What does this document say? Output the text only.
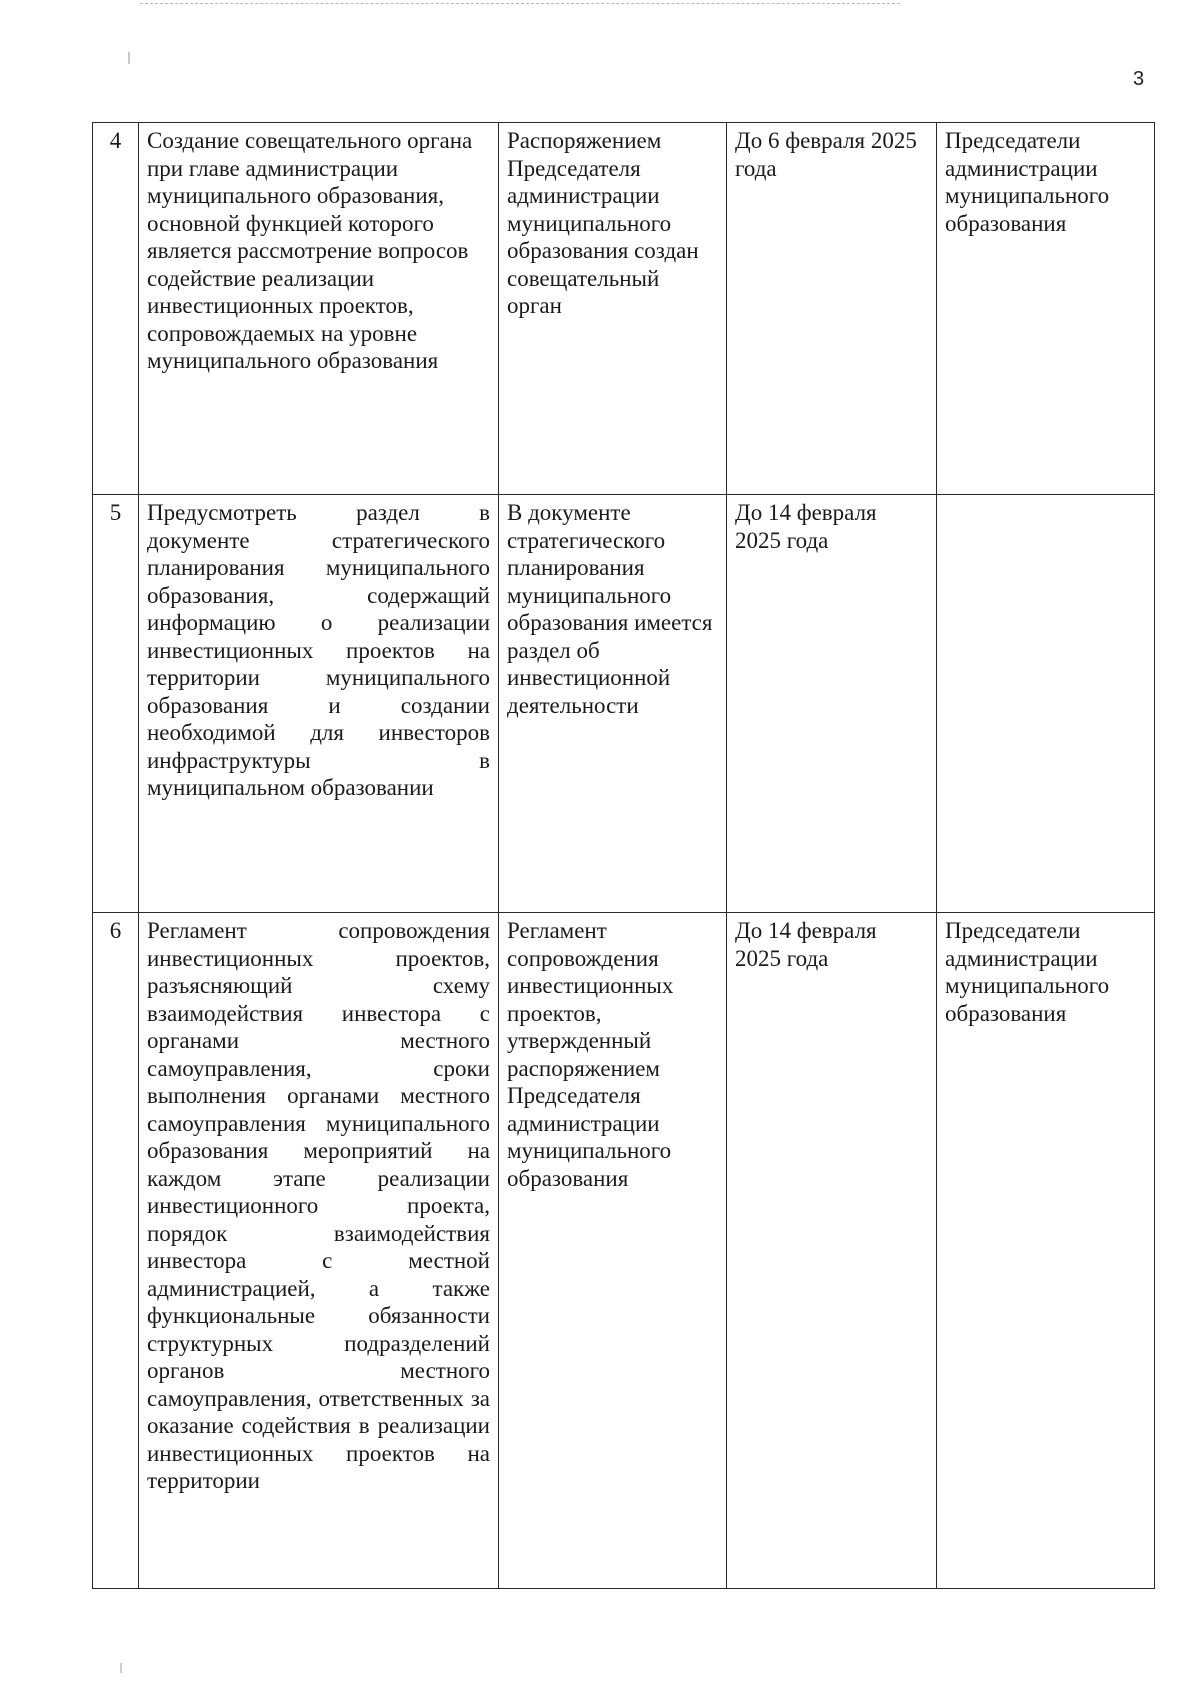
3
4	Создание совещательного органа при главе администрации муниципального образования, основной функцией которого является рассмотрение вопросов содействие реализации инвестиционных проектов, сопровождаемых на уровне муниципального образования	Распоряжением Председателя администрации муниципального образования создан совещательный орган	До 6 февраля 2025 года	Председатели администрации муниципального образования
5	Предусмотреть раздел в документе стратегического планирования муниципального образования, содержащий информацию о реализации инвестиционных проектов на территории муниципального образования и создании необходимой для инвесторов инфраструктуры в муниципальном образовании	В документе стратегического планирования муниципального образования имеется раздел об инвестиционной деятельности	До 14 февраля 2025 года	
6	Регламент сопровождения инвестиционных проектов, разъясняющий схему взаимодействия инвестора с органами местного самоуправления, сроки выполнения органами местного самоуправления муниципального образования мероприятий на каждом этапе реализации инвестиционного проекта, порядок взаимодействия инвестора с местной администрацией, а также функциональные обязанности структурных подразделений органов местного самоуправления, ответственных за оказание содействия в реализации инвестиционных проектов на территории	Регламент сопровождения инвестиционных проектов, утвержденный распоряжением Председателя администрации муниципального образования	До 14 февраля 2025 года	Председатели администрации муниципального образования
